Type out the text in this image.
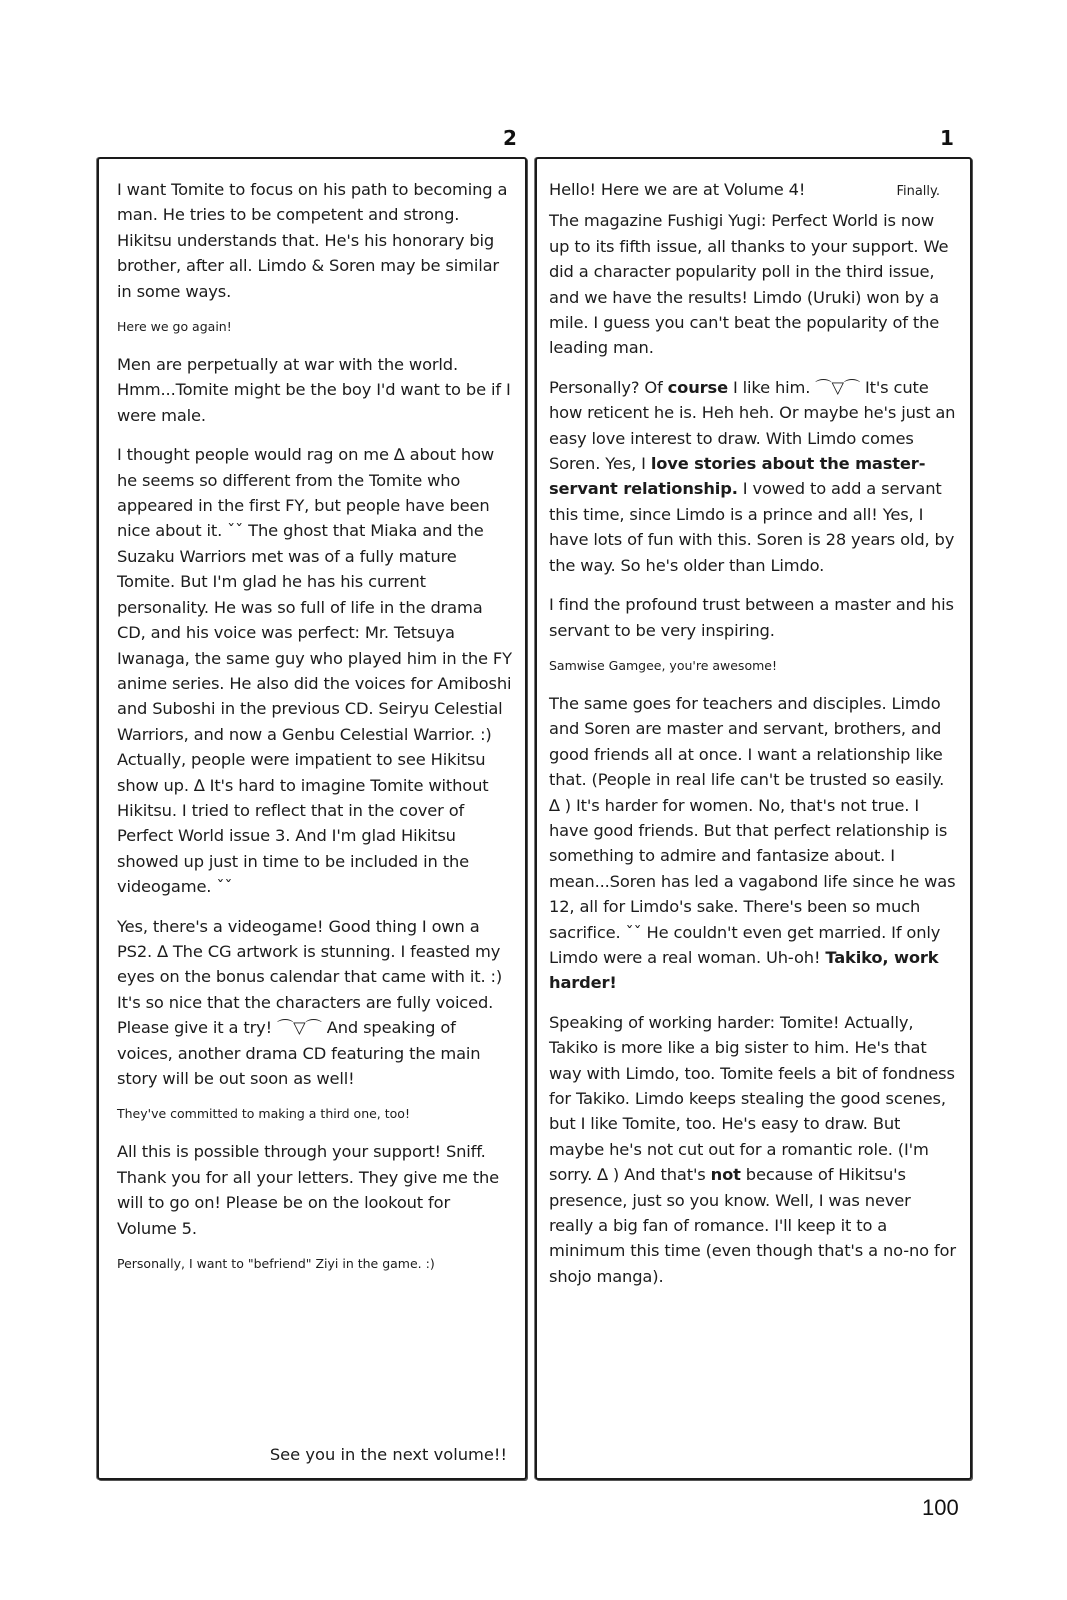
2	1

I want Tomite to focus on his path to becoming a man. He tries to be competent and strong. Hikitsu understands that. He's his honorary big brother, after all. Limdo & Soren may be similar in some ways.

Here we go again!

Men are perpetually at war with the world. Hmm...Tomite might be the boy I'd want to be if I were male.

I thought people would rag on me ∆ about how he seems so different from the Tomite who appeared in the first FY, but people have been nice about it. ˇˇ The ghost that Miaka and the Suzaku Warriors met was of a fully mature Tomite. But I'm glad he has his current personality. He was so full of life in the drama CD, and his voice was perfect: Mr. Tetsuya Iwanaga, the same guy who played him in the FY anime series. He also did the voices for Amiboshi and Suboshi in the previous CD. Seiryu Celestial Warriors, and now a Genbu Celestial Warrior. :) Actually, people were impatient to see Hikitsu show up. ∆ It's hard to imagine Tomite without Hikitsu. I tried to reflect that in the cover of Perfect World issue 3. And I'm glad Hikitsu showed up just in time to be included in the videogame. ˇˇ

Yes, there's a videogame! Good thing I own a PS2. ∆ The CG artwork is stunning. I feasted my eyes on the bonus calendar that came with it. :) It's so nice that the characters are fully voiced. Please give it a try! ⌒▽⌒ And speaking of voices, another drama CD featuring the main story will be out soon as well!

They've committed to making a third one, too!

All this is possible through your support! Sniff. Thank you for all your letters. They give me the will to go on! Please be on the lookout for Volume 5.

Personally, I want to "befriend" Ziyi in the game. :)

See you in the next volume!!

Hello! Here we are at Volume 4!	Finally.

The magazine Fushigi Yugi: Perfect World is now up to its fifth issue, all thanks to your support. We did a character popularity poll in the third issue, and we have the results! Limdo (Uruki) won by a mile. I guess you can't beat the popularity of the leading man.

Personally? Of course I like him. ⌒▽⌒ It's cute how reticent he is. Heh heh. Or maybe he's just an easy love interest to draw. With Limdo comes Soren. Yes, I love stories about the master-servant relationship. I vowed to add a servant this time, since Limdo is a prince and all! Yes, I have lots of fun with this. Soren is 28 years old, by the way. So he's older than Limdo.

I find the profound trust between a master and his servant to be very inspiring.

Samwise Gamgee, you're awesome!

The same goes for teachers and disciples. Limdo and Soren are master and servant, brothers, and good friends all at once. I want a relationship like that. (People in real life can't be trusted so easily. ∆ ) It's harder for women. No, that's not true. I have good friends. But that perfect relationship is something to admire and fantasize about. I mean...Soren has led a vagabond life since he was 12, all for Limdo's sake. There's been so much sacrifice. ˇˇ He couldn't even get married. If only Limdo were a real woman. Uh-oh! Takiko, work harder!

Speaking of working harder: Tomite! Actually, Takiko is more like a big sister to him. He's that way with Limdo, too. Tomite feels a bit of fondness for Takiko. Limdo keeps stealing the good scenes, but I like Tomite, too. He's easy to draw. But maybe he's not cut out for a romantic role. (I'm sorry. ∆ ) And that's not because of Hikitsu's presence, just so you know. Well, I was never really a big fan of romance. I'll keep it to a minimum this time (even though that's a no-no for shojo manga).

100
